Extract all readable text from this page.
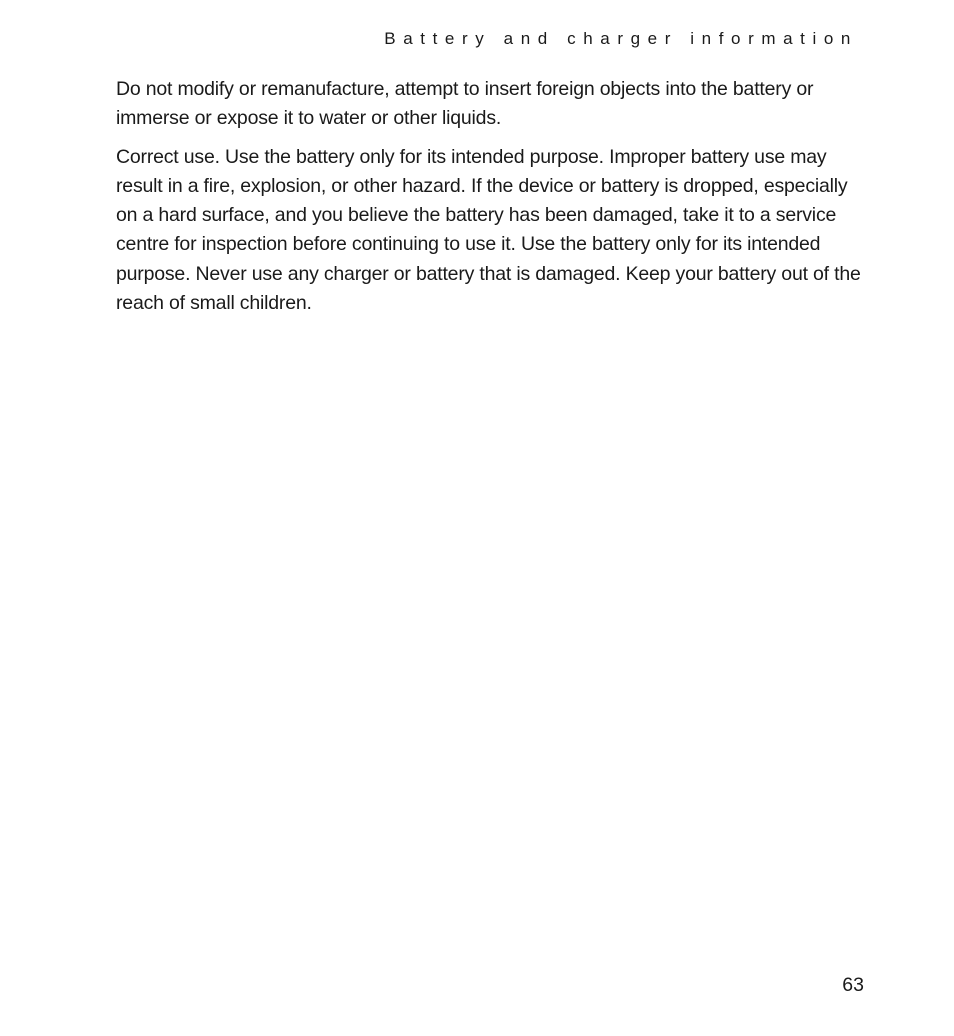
Battery and charger information

Do not modify or remanufacture, attempt to insert foreign objects into the battery or immerse or expose it to water or other liquids.

Correct use. Use the battery only for its intended purpose. Improper battery use may result in a fire, explosion, or other hazard. If the device or battery is dropped, especially on a hard surface, and you believe the battery has been damaged, take it to a service centre for inspection before continuing to use it. Use the battery only for its intended purpose. Never use any charger or battery that is damaged. Keep your battery out of the reach of small children.

63
